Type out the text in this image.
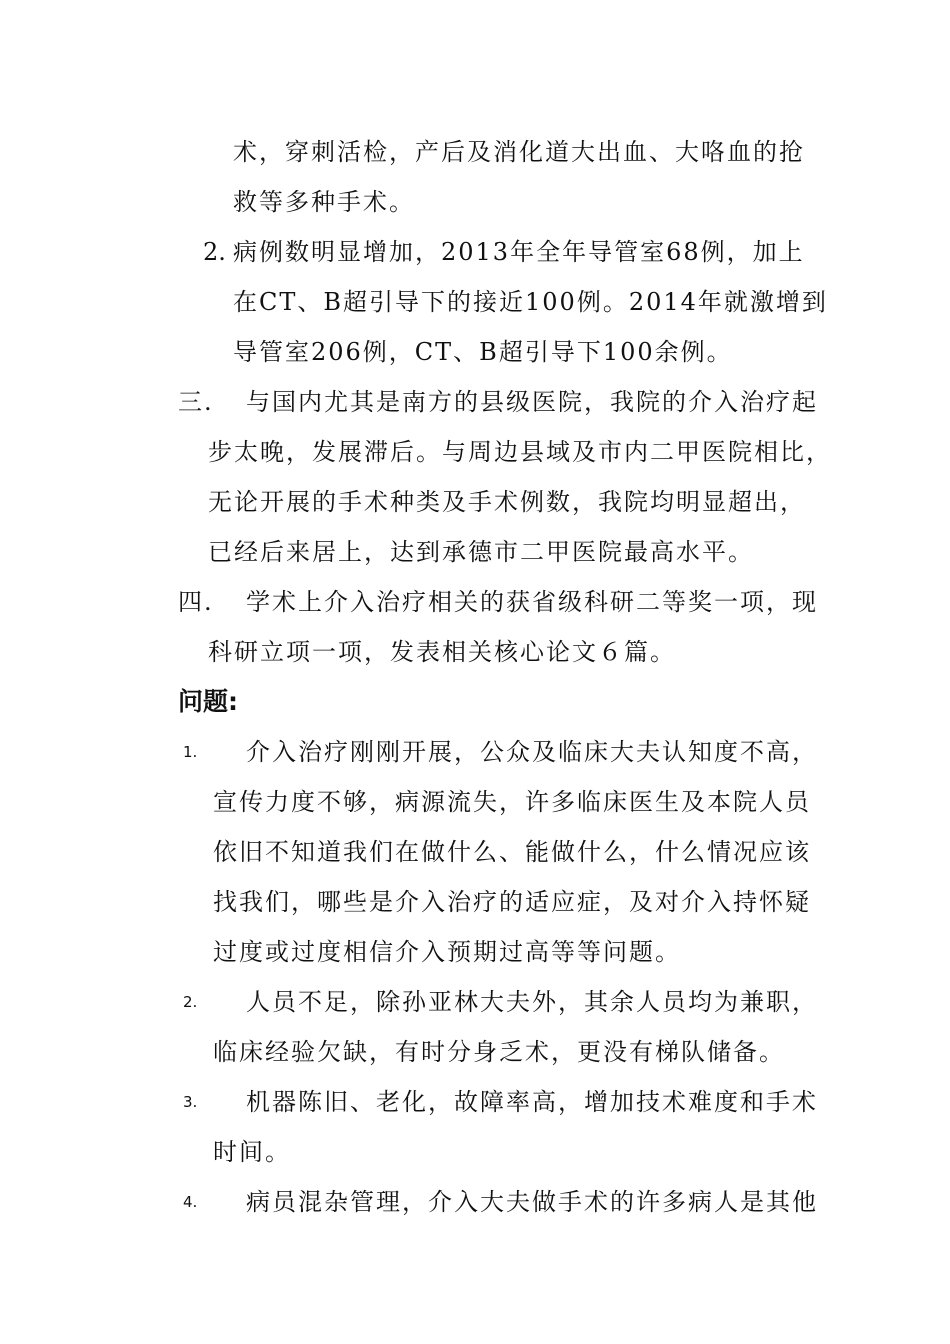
术，穿刺活检，产后及消化道大出血、大咯血的抢
救等多种手术。
2. 病例数明显增加，2013年全年导管室68例，加上
在CT、B超引导下的接近100例。2014年就激增到
导管室206例，CT、B超引导下100余例。
三. 与国内尤其是南方的县级医院，我院的介入治疗起
步太晚，发展滞后。与周边县域及市内二甲医院相比，
无论开展的手术种类及手术例数，我院均明显超出，
已经后来居上，达到承德市二甲医院最高水平。
四. 学术上介入治疗相关的获省级科研二等奖一项，现
科研立项一项，发表相关核心论文６篇。
问题:
1. 介入治疗刚刚开展，公众及临床大夫认知度不高，
宣传力度不够，病源流失，许多临床医生及本院人员
依旧不知道我们在做什么、能做什么，什么情况应该
找我们，哪些是介入治疗的适应症，及对介入持怀疑
过度或过度相信介入预期过高等等问题。
2. 人员不足，除孙亚林大夫外，其余人员均为兼职，
临床经验欠缺，有时分身乏术，更没有梯队储备。
3. 机器陈旧、老化，故障率高，增加技术难度和手术
时间。
4. 病员混杂管理，介入大夫做手术的许多病人是其他
